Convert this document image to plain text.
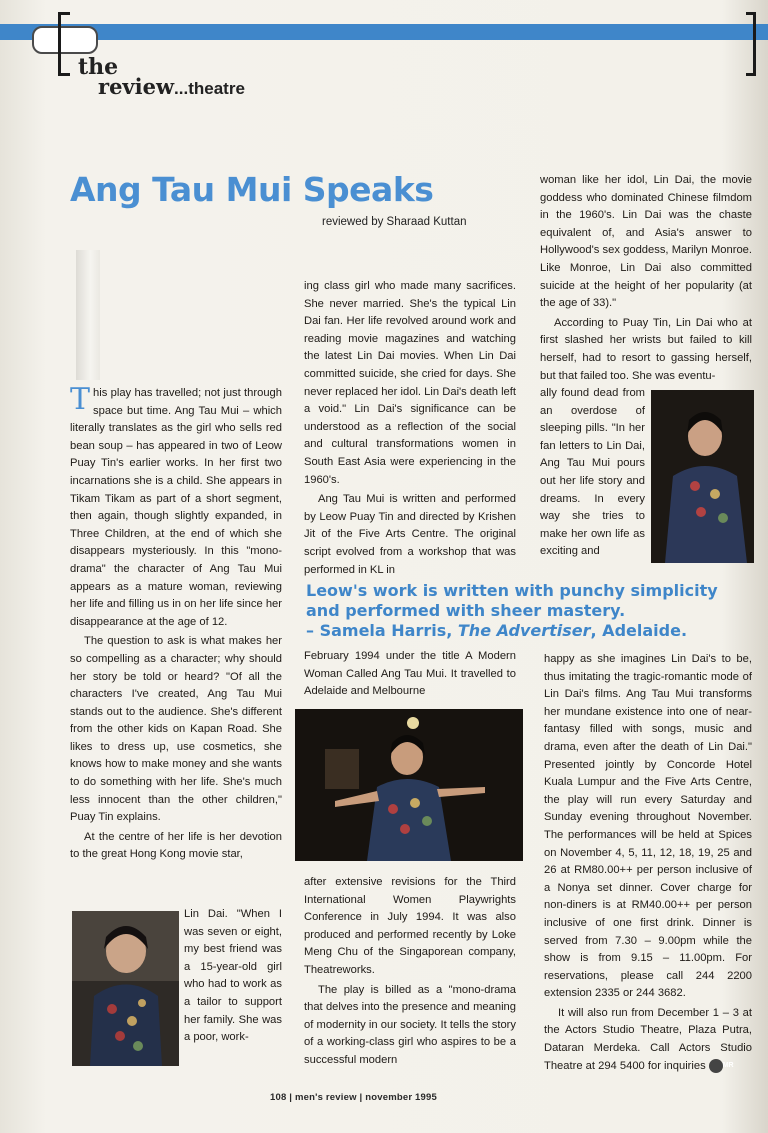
the
review...theatre
Ang Tau Mui Speaks
reviewed by Sharaad Kuttan

This play has travelled; not just through space but time. Ang Tau Mui – which literally translates as the girl who sells red bean soup – has appeared in two of Leow Puay Tin's earlier works. In her first two incarnations she is a child. She appears in Tikam Tikam as part of a short segment, then again, though slightly expanded, in Three Children, at the end of which she disappears mysteriously. In this "mono-drama" the character of Ang Tau Mui appears as a mature woman, reviewing her life and filling us in on her life since her disappearance at the age of 12.

The question to ask is what makes her so compelling as a character; why should her story be told or heard? "Of all the characters I've created, Ang Tau Mui stands out to the audience. She's different from the other kids on Kapan Road. She likes to dress up, use cosmetics, she knows how to make money and she wants to do something with her life. She's much less innocent than the other children," Puay Tin explains.

At the centre of her life is her devotion to the great Hong Kong movie star,

Lin Dai. "When I was seven or eight, my best friend was a 15-year-old girl who had to work as a tailor to support her family. She was a poor, work-

ing class girl who made many sacrifices. She never married. She's the typical Lin Dai fan. Her life revolved around work and reading movie magazines and watching the latest Lin Dai movies. When Lin Dai committed suicide, she cried for days. She never replaced her idol. Lin Dai's death left a void." Lin Dai's significance can be understood as a reflection of the social and cultural transformations women in South East Asia were experiencing in the 1960's.

Ang Tau Mui is written and performed by Leow Puay Tin and directed by Krishen Jit of the Five Arts Centre. The original script evolved from a workshop that was performed in KL in

Leow's work is written with punchy simplicity
and performed with sheer mastery.
– Samela Harris, The Advertiser, Adelaide.
February 1994 under the title A Modern Woman Called Ang Tau Mui. It travelled to Adelaide and Melbourne

after extensive revisions for the Third International Women Playwrights Conference in July 1994. It was also produced and performed recently by Loke Meng Chu of the Singaporean company, Theatreworks.

The play is billed as a "mono-drama that delves into the presence and meaning of modernity in our society. It tells the story of a working-class girl who aspires to be a successful modern

woman like her idol, Lin Dai, the movie goddess who dominated Chinese filmdom in the 1960's. Lin Dai was the chaste equivalent of, and Asia's answer to Hollywood's sex goddess, Marilyn Monroe. Like Monroe, Lin Dai also committed suicide at the height of her popularity (at the age of 33)."

According to Puay Tin, Lin Dai who at first slashed her wrists but failed to kill herself, had to resort to gassing herself, but that failed too. She was eventu-

ally found dead from an overdose of sleeping pills. "In her fan letters to Lin Dai, Ang Tau Mui pours out her life story and dreams. In every way she tries to make her own life as exciting and

happy as she imagines Lin Dai's to be, thus imitating the tragic-romantic mode of Lin Dai's films. Ang Tau Mui transforms her mundane existence into one of near-fantasy filled with songs, music and drama, even after the death of Lin Dai." Presented jointly by Concorde Hotel Kuala Lumpur and the Five Arts Centre, the play will run every Saturday and Sunday evening throughout November. The performances will be held at Spices on November 4, 5, 11, 12, 18, 19, 25 and 26 at RM80.00++ per person inclusive of a Nonya set dinner. Cover charge for non-diners is at RM40.00++ per person inclusive of one first drink. Dinner is served from 7.30 – 9.00pm while the show is from 9.15 – 11.00pm. For reservations, please call 244 2200 extension 2335 or 244 3682.

It will also run from December 1 – 3 at the Actors Studio Theatre, Plaza Putra, Dataran Merdeka. Call Actors Studio Theatre at 294 5400 for inquiries MR

108 | men's review | november 1995
